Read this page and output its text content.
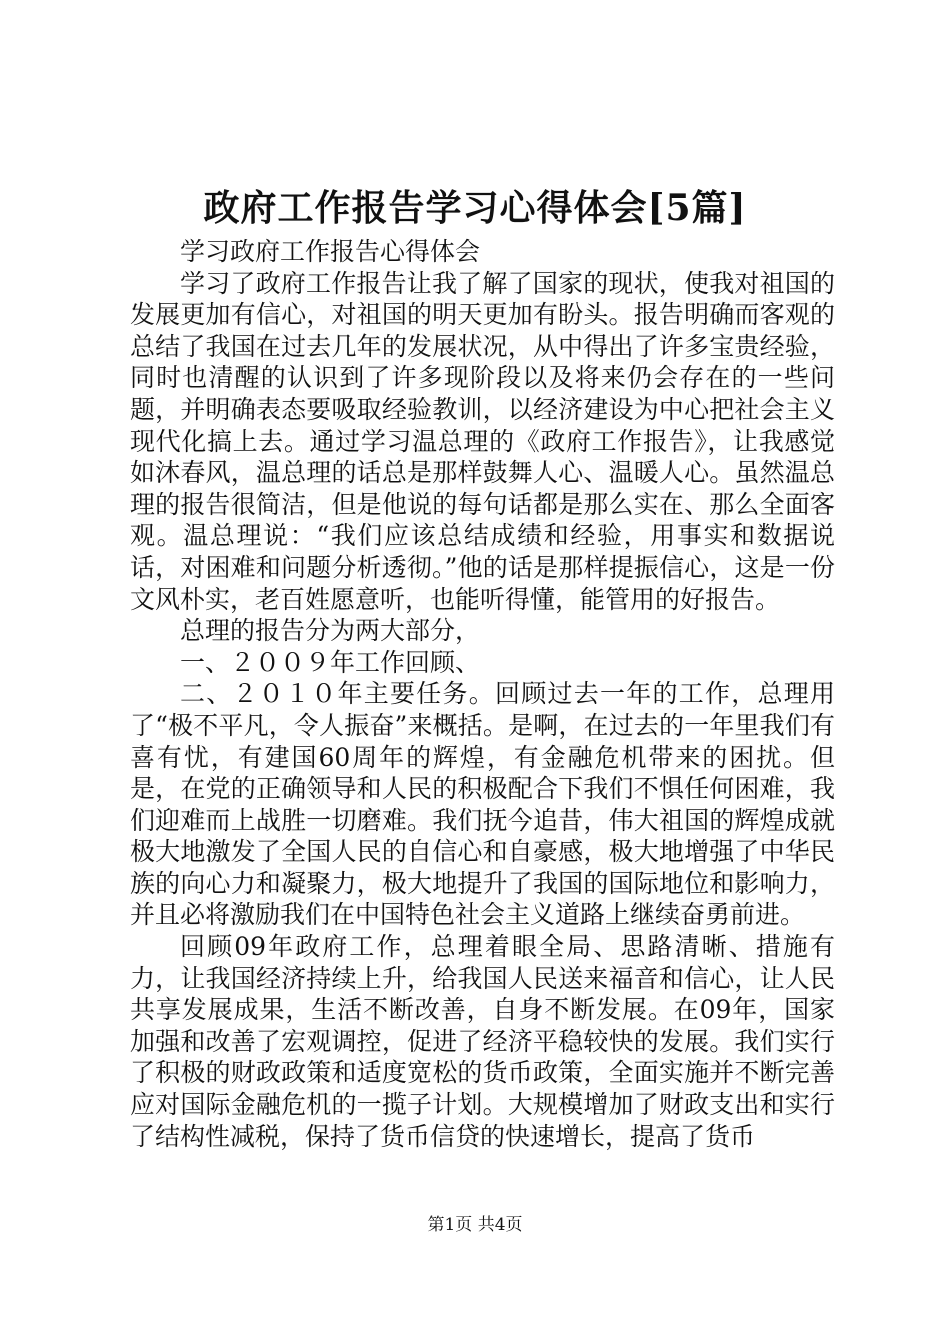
政府工作报告学习心得体会[5篇]

学习政府工作报告心得体会

学习了政府工作报告让我了解了国家的现状，使我对祖国的发展更加有信心，对祖国的明天更加有盼头。报告明确而客观的总结了我国在过去几年的发展状况，从中得出了许多宝贵经验，同时也清醒的认识到了许多现阶段以及将来仍会存在的一些问题，并明确表态要吸取经验教训，以经济建设为中心把社会主义现代化搞上去。通过学习温总理的《政府工作报告》，让我感觉如沐春风，温总理的话总是那样鼓舞人心、温暖人心。虽然温总理的报告很简洁，但是他说的每句话都是那么实在、那么全面客观。温总理说：“我们应该总结成绩和经验，用事实和数据说话，对困难和问题分析透彻。”他的话是那样提振信心，这是一份文风朴实，老百姓愿意听，也能听得懂，能管用的好报告。

总理的报告分为两大部分，

一、２００９年工作回顾、

二、２０１０年主要任务。回顾过去一年的工作，总理用了“极不平凡，令人振奋”来概括。是啊，在过去的一年里我们有喜有忧，有建国60周年的辉煌，有金融危机带来的困扰。但是，在党的正确领导和人民的积极配合下我们不惧任何困难，我们迎难而上战胜一切磨难。我们抚今追昔，伟大祖国的辉煌成就极大地激发了全国人民的自信心和自豪感，极大地增强了中华民族的向心力和凝聚力，极大地提升了我国的国际地位和影响力，并且必将激励我们在中国特色社会主义道路上继续奋勇前进。

回顾09年政府工作，总理着眼全局、思路清晰、措施有力，让我国经济持续上升，给我国人民送来福音和信心，让人民共享发展成果，生活不断改善，自身不断发展。在09年，国家加强和改善了宏观调控，促进了经济平稳较快的发展。我们实行了积极的财政政策和适度宽松的货币政策，全面实施并不断完善应对国际金融危机的一揽子计划。大规模增加了财政支出和实行了结构性减税，保持了货币信贷的快速增长，提高了货币

第1页 共4页
